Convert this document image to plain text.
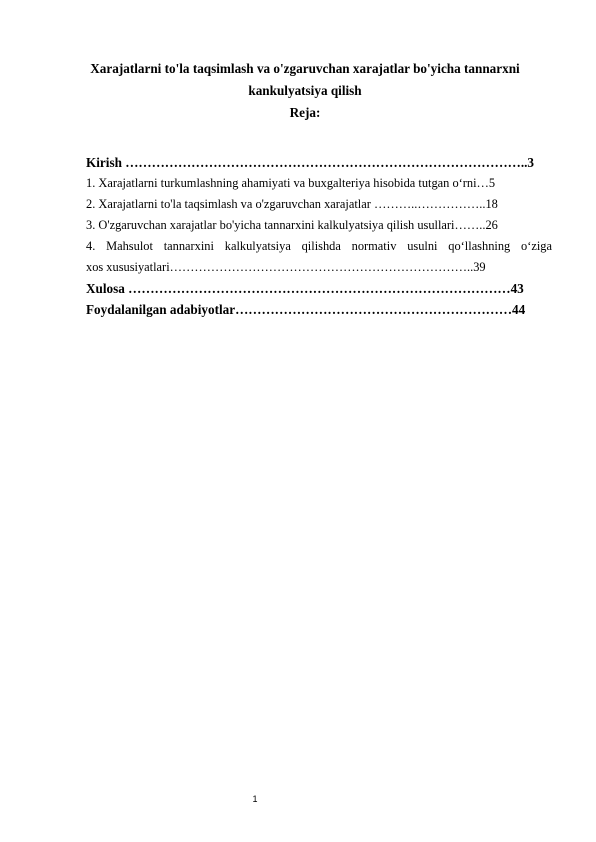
Xarajatlarni to'la taqsimlash va o'zgaruvchan xarajatlar bo'yicha tannarxni kankulyatsiya qilish
Reja:
Kirish ………………………………………………………………………………..3
1. Xarajatlarni turkumlashning ahamiyati va buxgalteriya hisobida tutgan o‘rni…5
2. Xarajatlarni to'la taqsimlash va o'zgaruvchan xarajatlar ………..……………..18
3. O'zgaruvchan xarajatlar bo'yicha tannarxini kalkulyatsiya qilish usullari……..26
4. Mahsulot tannarxini kalkulyatsiya qilishda normativ usulni qo‘llashning o‘ziga
xos xususiyatlari………………………………………………………………..39
Xulosa ……………………………………………………………………………43
Foydalanilgan adabiyotlar………………………………………………………44
1
